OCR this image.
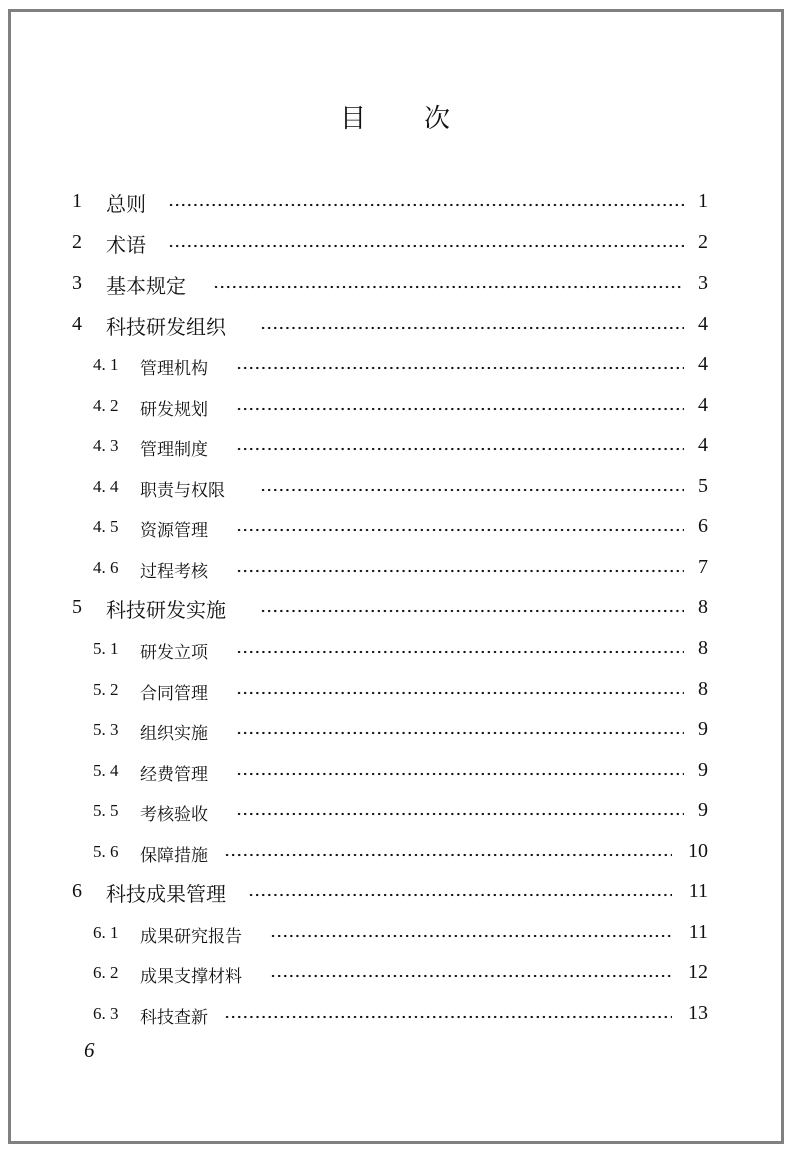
目 次
1 总则	1
2 术语	2
3 基本规定	3
4 科技研发组织	4
4. 1 管理机构	4
4. 2 研发规划	4
4. 3 管理制度	4
4. 4 职责与权限	5
4. 5 资源管理	6
4. 6 过程考核	7
5 科技研发实施	8
5. 1 研发立项	8
5. 2 合同管理	8
5. 3 组织实施	9
5. 4 经费管理	9
5. 5 考核验收	9
5. 6 保障措施	10
6 科技成果管理	11
6. 1 成果研究报告	11
6. 2 成果支撑材料	12
6. 3 科技查新	13
6
